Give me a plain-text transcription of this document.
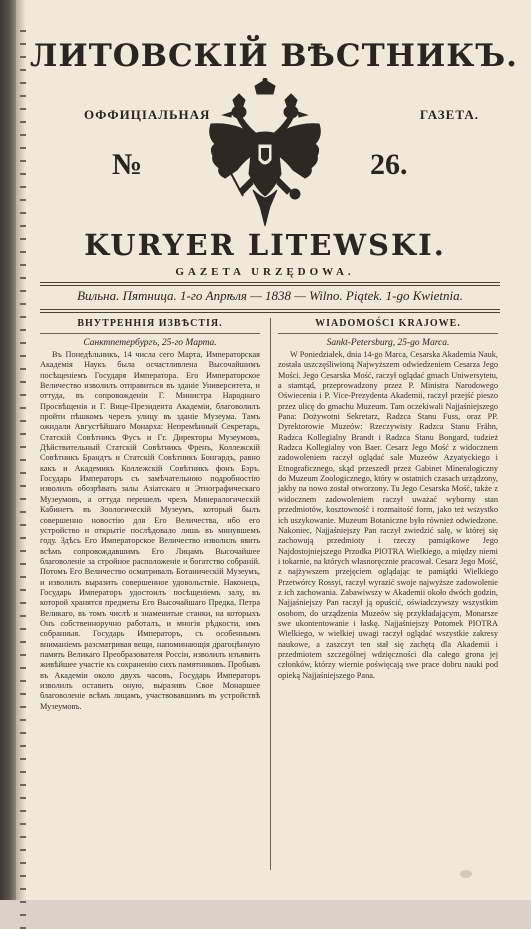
ЛИТОВСКІЙ ВѢСТНИКЪ.
ОФФИЦІАЛЬНАЯ	ГАЗЕТА.
№	26.
KURYER LITEWSKI.
GAZETA URZĘDOWA.
Вильна. Пятница. 1-го Апрѣля — 1838 — Wilno. Piątek. 1-go Kwietnia.
ВНУТРЕННІЯ ИЗВѢСТІЯ.
Санктпетербургъ, 25-го Марта.
Въ Понедѣльникъ, 14 числа сего Марта, Императорская Академія Наукъ была осчастливлена Высочайшимъ посѣщеніемъ Государя Императора. Его Императорское Величество изволилъ отправиться въ зданіе Университета, и оттуда, въ сопровожденіи Г. Министра Народнаго Просвѣщенія и Г. Вице-Президента Академіи, благоволилъ пройти пѣшкомъ черезъ улицу въ зданіе Музеума. Тамъ ожидали Августѣйшаго Монарха: Непремѣнный Секретарь, Статскій Совѣтникъ Фусъ и Гг. Директоры Музеумовъ, Дѣйствительный Статскій Совѣтникъ Френъ, Коллежскій Совѣтникъ Брандтъ и Статскій Совѣтникъ Бонгардъ, равно какъ и Академикъ Коллежскій Совѣтникъ фонъ Бэръ. Государь Императоръ съ замѣчательною подробностію изволилъ обозрѣвать залы Азіатскаго и Этнографическаго Музеумовъ, а оттуда перешелъ чрезъ Минералогическій Кабинетъ въ Зоологическій Музеумъ, который былъ совершенно новостію для Его Величества, ибо его устройство и открытіе послѣдовало лишь въ минувшемъ году. Здѣсь Его Императорское Величество изволилъ явить всѣмъ сопровождавшимъ Его Лицамъ Высочайшее благоволеніе за стройное расположеніе и богатство собраній. Потомъ Его Величество осматривалъ Ботаническій Музеумъ, и изволилъ выразить совершенное удовольствіе. Наконецъ, Государь Императоръ удостоилъ посѣщеніемъ залу, въ которой хранятся предметы Его Высочайшаго Предка, Петра Великаго, въ томъ числѣ и знаменитые станки, на которыхъ Онъ собственноручно работалъ, и многія рѣдкости, имъ собранныя. Государь Императоръ, съ особеннымъ вниманіемъ разсматривая вещи, напоминающія драгоцѣнную память Великаго Преобразователя Россіи, изволилъ изъявить живѣйшее участіе къ сохраненію сихъ памятниковъ. Пробывъ въ Академіи около двухъ часовъ, Государь Императоръ изволилъ оставить оную, выразивъ Свое Монаршее благоволеніе всѣмъ лицамъ, участвовавшимъ въ устройствѣ Музеумовъ.
WIADOMOŚCI KRAJOWE.
Sankt-Petersburg, 25-go Marca.
W Poniedziałek, dnia 14-go Marca, Cesarska Akademia Nauk, została uszczęśliwioną Najwyższem odwiedzeniem Cesarza Jego Mości. Jego Cesarska Mość, raczył oglądać gmach Uniwersytetu, a stamtąd, przeprowadzony przez P. Ministra Narodowego Oświecenia i P. Vice-Prezydenta Akademii, raczył przejść pieszo przez ulicę do gmachu Muzeum. Tam oczekiwali Najjaśniejszego Pana: Dożywotni Sekretarz, Radzca Stanu Fuss, oraz PP. Dyrektorowie Muzeów: Rzeczywisty Radzca Stanu Frähn, Radzca Kollegialny Brandt i Radzca Stanu Bongard, tudzież Radzca Kollegialny von Baer. Cesarz Jego Mość z widocznem zadowoleniem raczył oglądać sale Muzeów Azyatyckiego i Etnograficznego, skąd przeszedł przez Gabinet Mineralogiczny do Muzeum Zoologicznego, który w ostatnich czasach urządzony, jakby na nowo został otworzony. Tu Jego Cesarska Mość, także z widocznem zadowoleniem raczył uważać wyborny stan przedmiotów, kosztowność i rozmaitość form, jako też wszystko ich uszykowanie. Muzeum Botaniczne było również odwiedzone. Nakoniec, Najjaśniejszy Pan raczył zwiedzić salę, w której się zachowują przedmioty i rzeczy pamiątkowe Jego Najdostojniejszego Przodka PIOTRA Wielkiego, a między niemi i tokarnie, na których własnoręcznie pracował. Cesarz Jego Mość, z najżywszem przejęciem oglądając te pamiątki Wielkiego Przetwórcy Rossyi, raczył wyrazić swoje najwyższe zadowolenie z ich zachowania. Zabawiwszy w Akademii około dwóch godzin, Najjaśniejszy Pan raczył ją opuścić, oświadczywszy wszystkim osobom, do urządzenia Muzeów się przykładającym, Monarsze swe ukontentowanie i łaskę. Najjaśniejszy Potomek PIOTRA Wielkiego, w wielkiej uwagi raczył oglądać wszystkie zakresy naukowe, a zaszczyt ten stał się zachętą dla Akademii i przedmiotem szczególnej wdzięczności dla całego grona jej członków, którzy wiernie poświęcają swe prace dobru nauki pod opieką Najjaśniejszego Pana.
